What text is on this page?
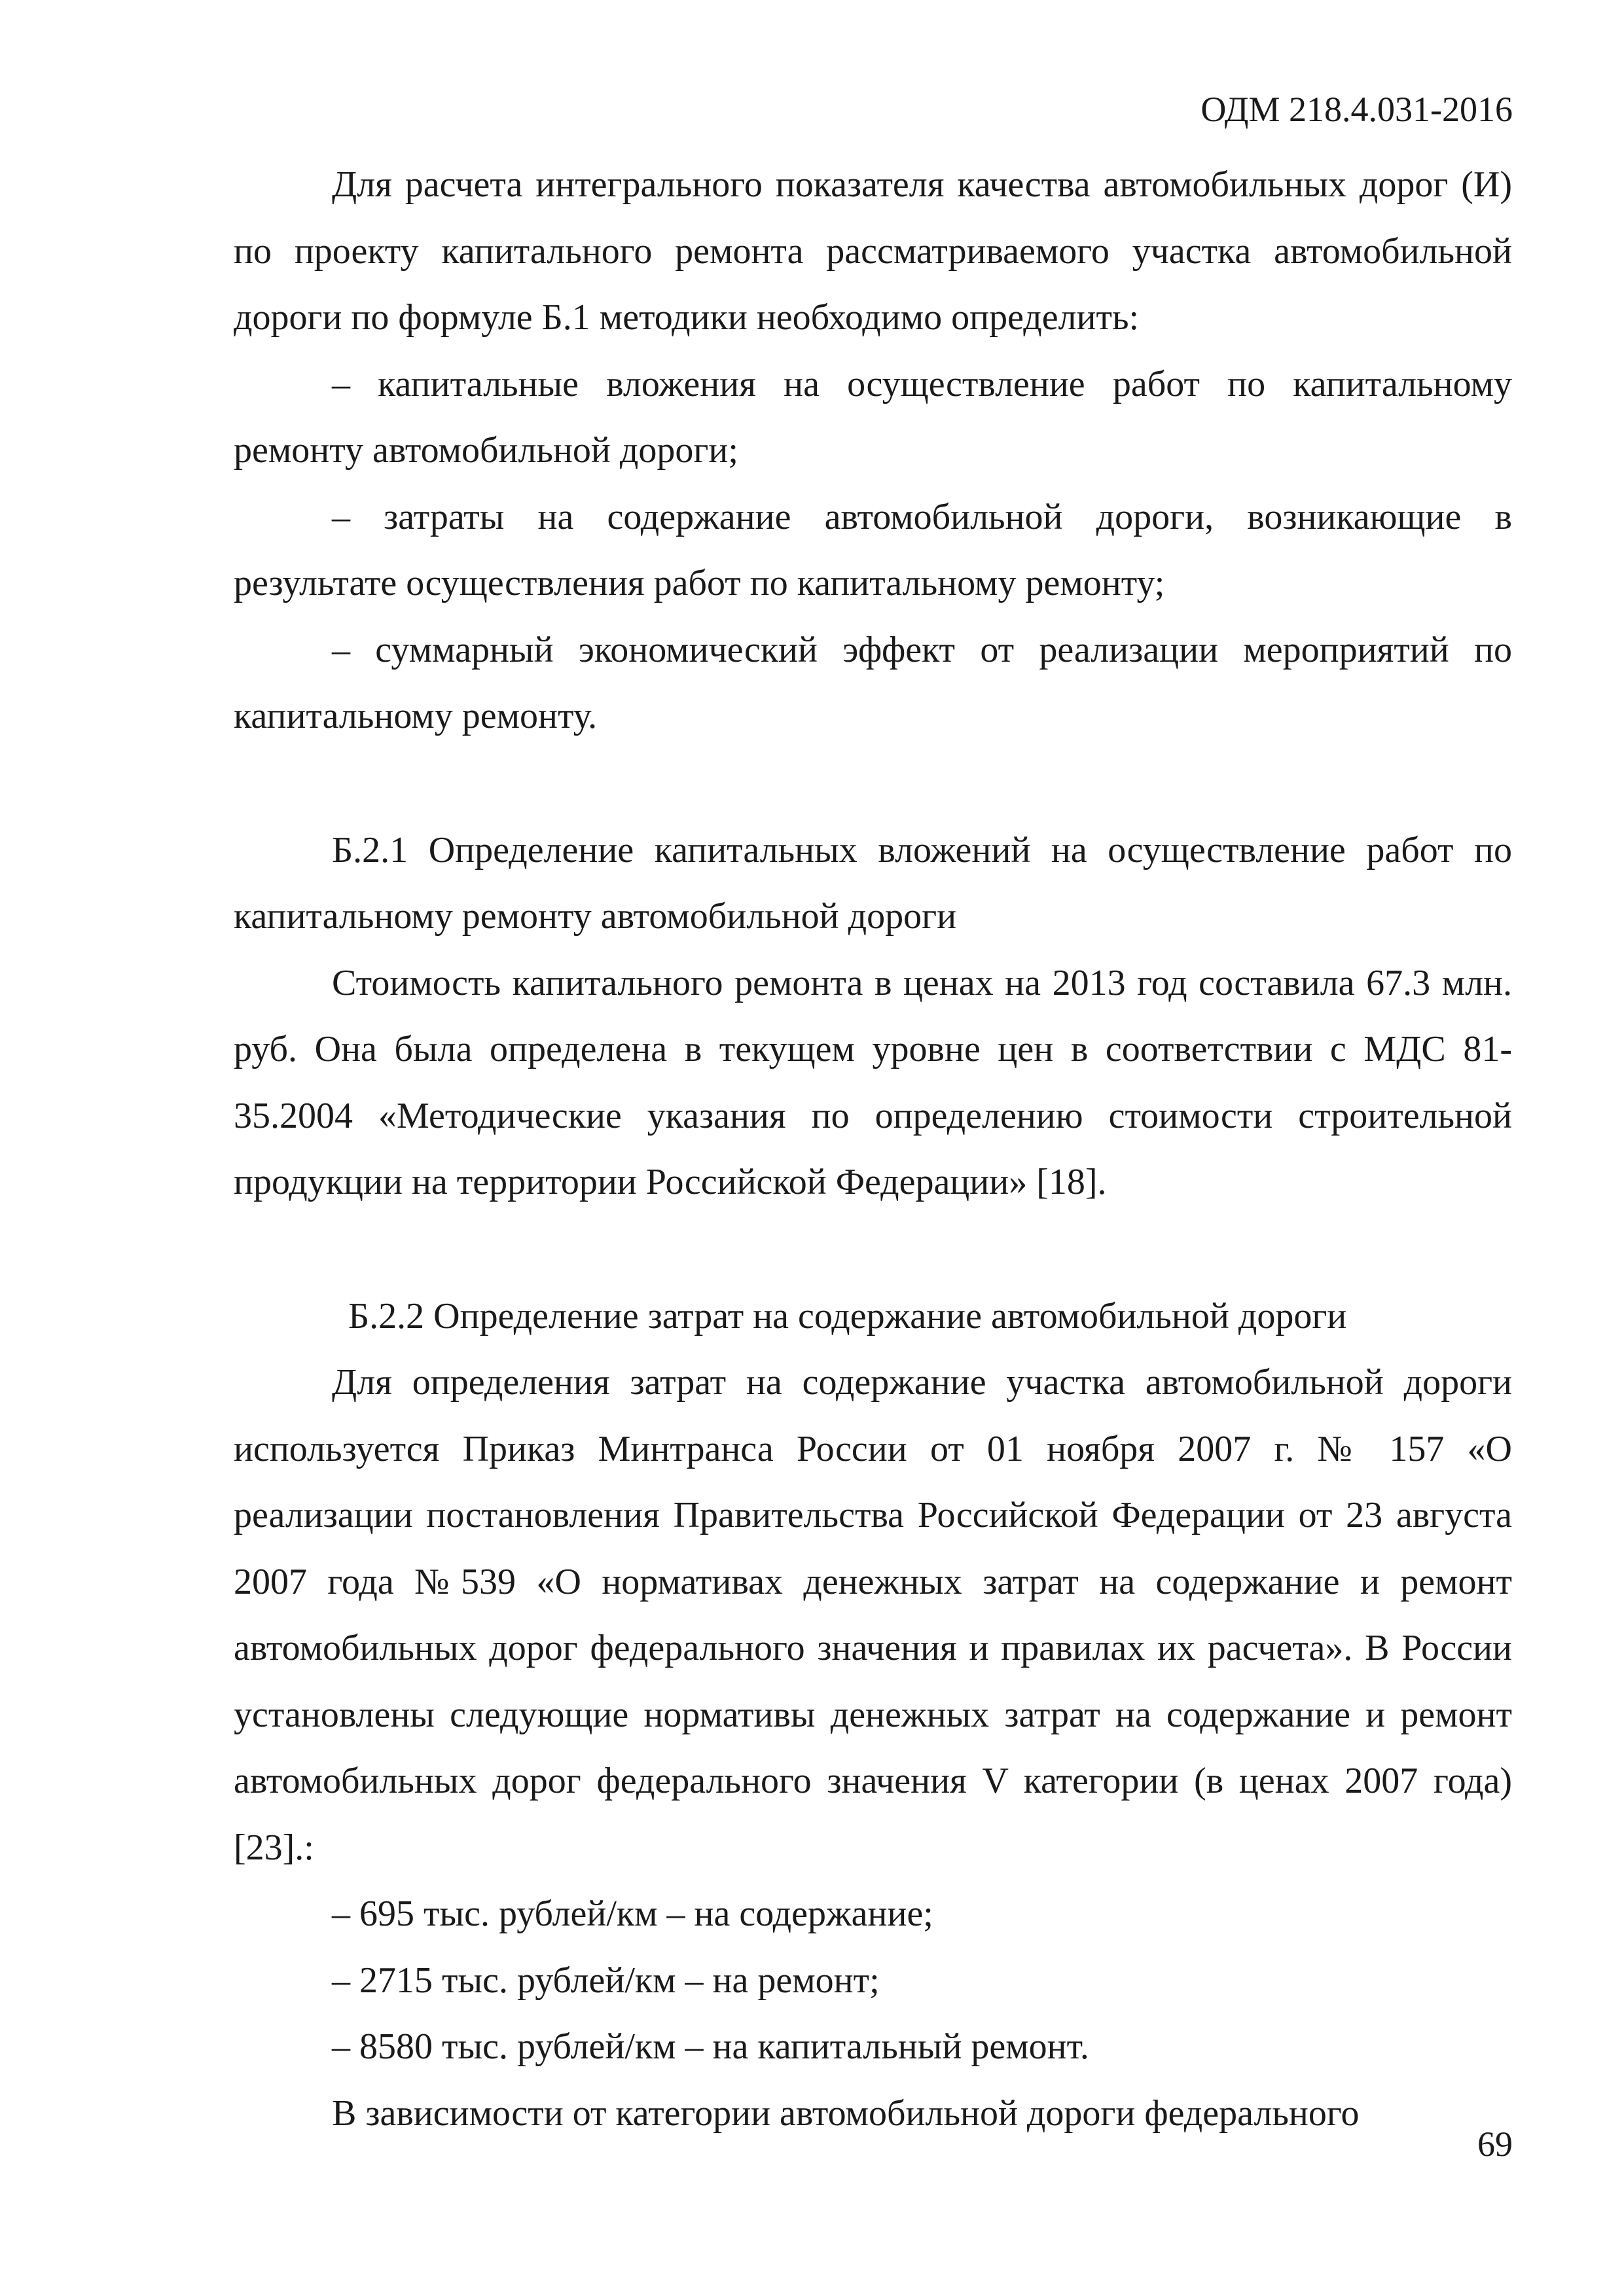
ОДМ 218.4.031-2016

Для расчета интегрального показателя качества автомобильных дорог (И) по проекту капитального ремонта рассматриваемого участка автомобильной дороги по формуле Б.1 методики необходимо определить:

– капитальные вложения на осуществление работ по капитальному ремонту автомобильной дороги;

– затраты на содержание автомобильной дороги, возникающие в результате осуществления работ по капитальному ремонту;

– суммарный экономический эффект от реализации мероприятий по капитальному ремонту.

Б.2.1 Определение капитальных вложений на осуществление работ по капитальному ремонту автомобильной дороги

Стоимость капитального ремонта в ценах на 2013 год составила 67.3 млн. руб. Она была определена в текущем уровне цен в соответствии с МДС 81-35.2004 «Методические указания по определению стоимости строительной продукции на территории Российской Федерации» [18].

Б.2.2 Определение затрат на содержание автомобильной дороги

Для определения затрат на содержание участка автомобильной дороги используется Приказ Минтранса России от 01 ноября 2007 г. № 157 «О реализации постановления Правительства Российской Федерации от 23 августа 2007 года №539 «О нормативах денежных затрат на содержание и ремонт автомобильных дорог федерального значения и правилах их расчета». В России установлены следующие нормативы денежных затрат на содержание и ремонт автомобильных дорог федерального значения V категории (в ценах 2007 года) [23].:

– 695 тыс. рублей/км – на содержание;

– 2715 тыс. рублей/км – на ремонт;

– 8580 тыс. рублей/км – на капитальный ремонт.

В зависимости от категории автомобильной дороги федерального

69
